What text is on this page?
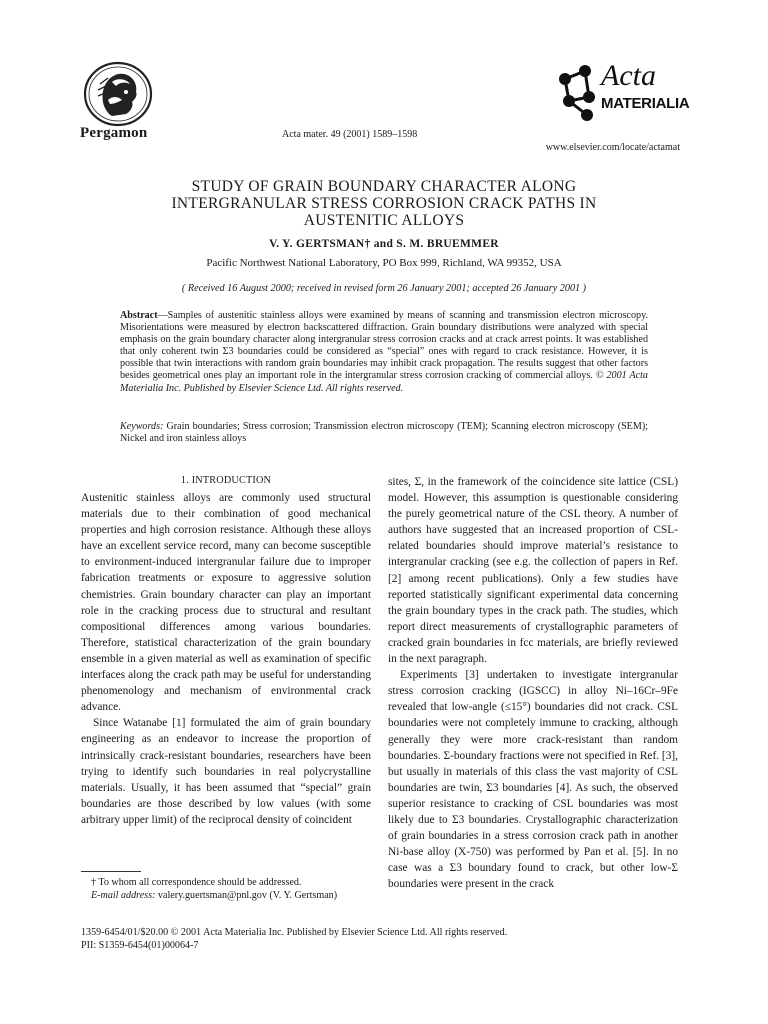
Pergamon	Acta mater. 49 (2001) 1589–1598
Acta
MATERIALIA
www.elsevier.com/locate/actamat
STUDY OF GRAIN BOUNDARY CHARACTER ALONG
INTERGRANULAR STRESS CORROSION CRACK PATHS IN
AUSTENITIC ALLOYS
V. Y. GERTSMAN† and S. M. BRUEMMER
Pacific Northwest National Laboratory, PO Box 999, Richland, WA 99352, USA
( Received 16 August 2000; received in revised form 26 January 2001; accepted 26 January 2001 )
Abstract—Samples of austenitic stainless alloys were examined by means of scanning and transmission electron microscopy. Misorientations were measured by electron backscattered diffraction. Grain boundary distributions were analyzed with special emphasis on the grain boundary character along intergranular stress corrosion cracks and at crack arrest points. It was established that only coherent twin Σ3 boundaries could be considered as “special” ones with regard to crack resistance. However, it is possible that twin interactions with random grain boundaries may inhibit crack propagation. The results suggest that other factors besides geometrical ones play an important role in the intergranular stress corrosion cracking of commercial alloys. © 2001 Acta Materialia Inc. Published by Elsevier Science Ltd. All rights reserved.
Keywords: Grain boundaries; Stress corrosion; Transmission electron microscopy (TEM); Scanning electron microscopy (SEM); Nickel and iron stainless alloys
1. INTRODUCTION

Austenitic stainless alloys are commonly used structural materials due to their combination of good mechanical properties and high corrosion resistance. Although these alloys have an excellent service record, many can become susceptible to environment-induced intergranular failure due to improper fabrication treatments or exposure to aggressive solution chemistries. Grain boundary character can play an important role in the cracking process due to structural and resultant compositional differences among various boundaries. Therefore, statistical characterization of the grain boundary ensemble in a given material as well as examination of specific interfaces along the crack path may be useful for understanding phenomenology and mechanism of environmental crack advance.

Since Watanabe [1] formulated the aim of grain boundary engineering as an endeavor to increase the proportion of intrinsically crack-resistant boundaries, researchers have been trying to identify such boundaries in real polycrystalline materials. Usually, it has been assumed that “special” grain boundaries are those described by low values (with some arbitrary upper limit) of the reciprocal density of coincident

sites, Σ, in the framework of the coincidence site lattice (CSL) model. However, this assumption is questionable considering the purely geometrical nature of the CSL theory. A number of authors have suggested that an increased proportion of CSL-related boundaries should improve material’s resistance to intergranular cracking (see e.g. the collection of papers in Ref. [2] among recent publications). Only a few studies have reported statistically significant experimental data concerning the grain boundary types in the crack path. The studies, which report direct measurements of crystallographic parameters of cracked grain boundaries in fcc materials, are briefly reviewed in the next paragraph.

Experiments [3] undertaken to investigate intergranular stress corrosion cracking (IGSCC) in alloy Ni–16Cr–9Fe revealed that low-angle (≤15°) boundaries did not crack. CSL boundaries were not completely immune to cracking, although generally they were more crack-resistant than random boundaries. Σ-boundary fractions were not specified in Ref. [3], but usually in materials of this class the vast majority of CSL boundaries are twin, Σ3 boundaries [4]. As such, the observed superior resistance to cracking of CSL boundaries was most likely due to Σ3 boundaries. Crystallographic characterization of grain boundaries in a stress corrosion crack path in another Ni-base alloy (X-750) was performed by Pan et al. [5]. In no case was a Σ3 boundary found to crack, but other low-Σ boundaries were present in the crack

† To whom all correspondence should be addressed.
E-mail address: valery.guertsman@pnl.gov (V. Y. Gertsman)
1359-6454/01/$20.00 © 2001 Acta Materialia Inc. Published by Elsevier Science Ltd. All rights reserved.
PII: S1359-6454(01)00064-7
